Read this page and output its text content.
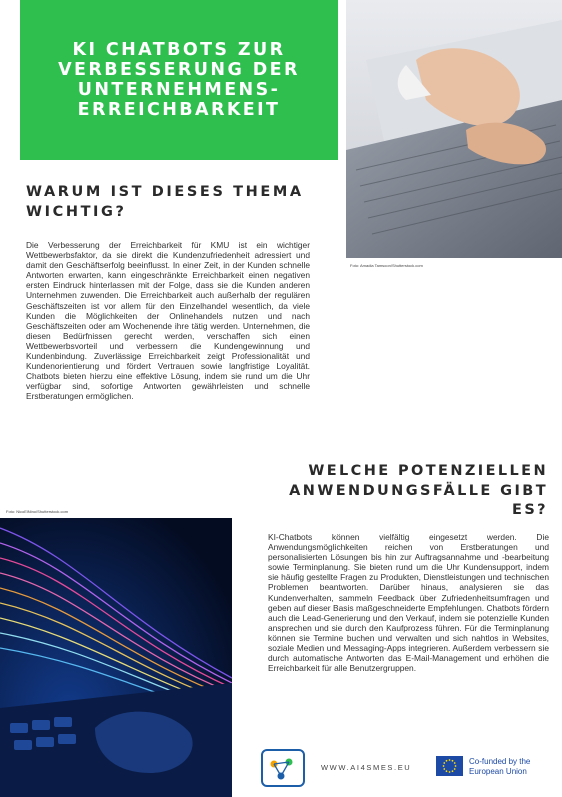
KI CHATBOTS ZUR VERBESSERUNG DER UNTERNEHMENS-ERREICHBARKEIT
Foto: Amadia Tamsoon/Shutterstock.com
WARUM IST DIESES THEMA WICHTIG?

Die Verbesserung der Erreichbarkeit für KMU ist ein wichtiger Wettbewerbsfaktor, da sie direkt die Kundenzufriedenheit adressiert und damit den Geschäftserfolg beeinflusst. In einer Zeit, in der Kunden schnelle Antworten erwarten, kann eingeschränkte Erreichbarkeit einen negativen ersten Eindruck hinterlassen mit der Folge, dass sie die Kunden anderen Unternehmen zuwenden. Die Erreichbarkeit auch außerhalb der regulären Geschäftszeiten ist vor allem für den Einzelhandel wesentlich, da viele Kunden die Möglichkeiten der Onlinehandels nutzen und nach Geschäftszeiten oder am Wochenende ihre tätig werden. Unternehmen, die diesen Bedürfnissen gerecht werden, verschaffen sich einen Wettbewerbsvorteil und verbessern die Kundengewinnung und Kundenbindung. Zuverlässige Erreichbarkeit zeigt Professionalität und Kundenorientierung und fördert Vertrauen sowie langfristige Loyalität. Chatbots bieten hierzu eine effektive Lösung, indem sie rund um die Uhr verfügbar sind, sofortige Antworten gewährleisten und schnelle Erstberatungen ermöglichen.

WELCHE POTENZIELLEN ANWENDUNGSFÄLLE GIBT ES?
Foto: NicoElNino/Shutterstock.com

KI-Chatbots können vielfältig eingesetzt werden. Die Anwendungsmöglichkeiten reichen von Erstberatungen und personalisierten Lösungen bis hin zur Auftragsannahme und -bearbeitung sowie Terminplanung. Sie bieten rund um die Uhr Kundensupport, indem sie häufig gestellte Fragen zu Produkten, Dienstleistungen und technischen Problemen beantworten. Darüber hinaus, analysieren sie das Kundenverhalten, sammeln Feedback über Zufriedenheitsumfragen und geben auf dieser Basis maßgeschneiderte Empfehlungen. Chatbots fördern auch die Lead-Generierung und den Verkauf, indem sie potenzielle Kunden ansprechen und sie durch den Kaufprozess führen. Für die Terminplanung können sie Termine buchen und verwalten und sich nahtlos in Websites, soziale Medien und Messaging-Apps integrieren. Außerdem verbessern sie durch automatische Antworten das E-Mail-Management und erhöhen die Erreichbarkeit für alle Benutzergruppen.

WWW.AI4SMES.EU
Co-funded by the
European Union
